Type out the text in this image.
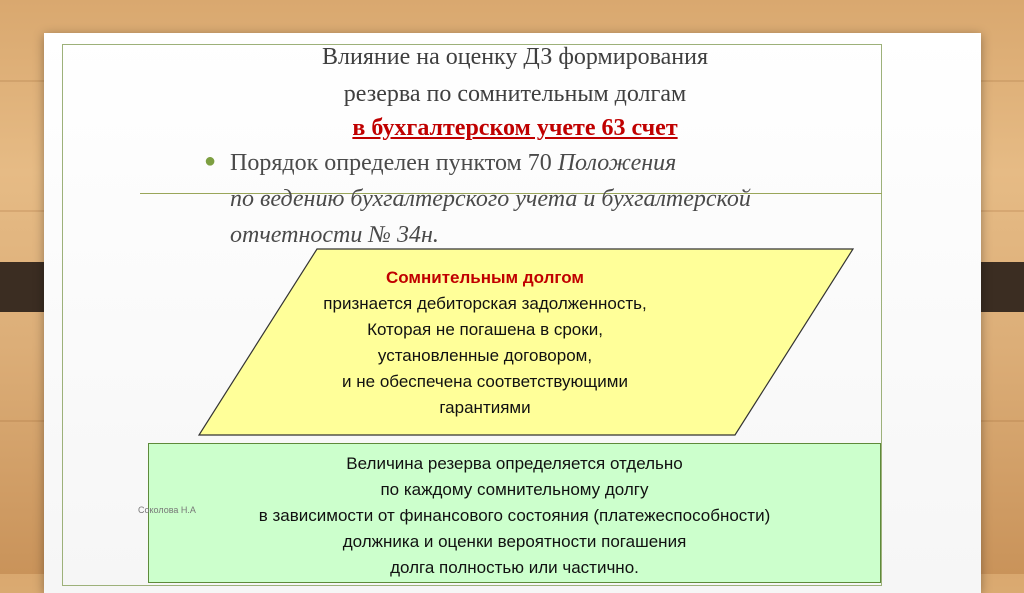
Влияние на оценку ДЗ формирования
резерва по сомнительным долгам
в бухгалтерском учете 63 счет
● Порядок определен пунктом 70 Положения
по ведению бухгалтерского учета и бухгалтерской
отчетности № 34н.
Сомнительным долгом
признается дебиторская задолженность,
Которая не погашена в сроки,
установленные договором,
и не обеспечена соответствующими
гарантиями
Соколова Н.А
Величина резерва определяется отдельно
по каждому сомнительному долгу
в зависимости от финансового состояния (платежеспособности)
должника и оценки вероятности погашения
долга полностью или частично.
